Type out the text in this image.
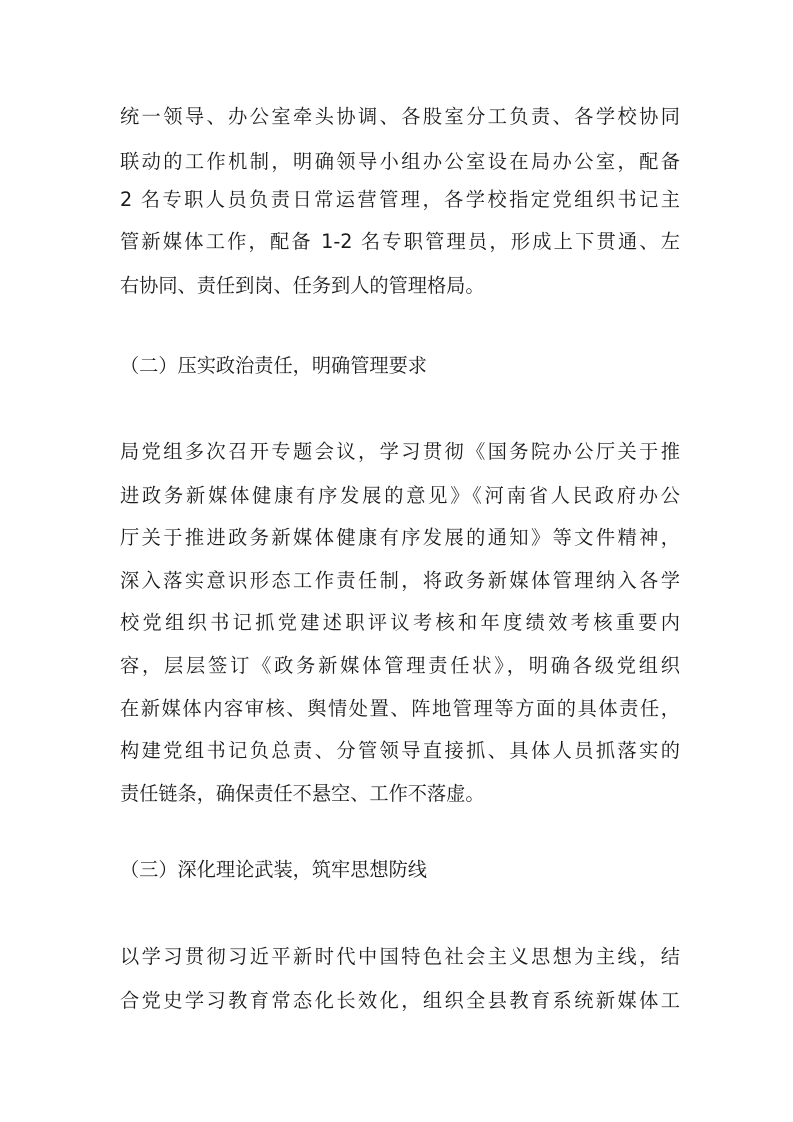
统一领导、办公室牵头协调、各股室分工负责、各学校协同
联动的工作机制，明确领导小组办公室设在局办公室，配备
2 名专职人员负责日常运营管理，各学校指定党组织书记主
管新媒体工作，配备 1-2 名专职管理员，形成上下贯通、左
右协同、责任到岗、任务到人的管理格局。
（二）压实政治责任，明确管理要求
局党组多次召开专题会议，学习贯彻《国务院办公厅关于推
进政务新媒体健康有序发展的意见》《河南省人民政府办公
厅关于推进政务新媒体健康有序发展的通知》等文件精神，
深入落实意识形态工作责任制，将政务新媒体管理纳入各学
校党组织书记抓党建述职评议考核和年度绩效考核重要内
容，层层签订《政务新媒体管理责任状》，明确各级党组织
在新媒体内容审核、舆情处置、阵地管理等方面的具体责任，
构建党组书记负总责、分管领导直接抓、具体人员抓落实的
责任链条，确保责任不悬空、工作不落虚。
（三）深化理论武装，筑牢思想防线
以学习贯彻习近平新时代中国特色社会主义思想为主线，结
合党史学习教育常态化长效化，组织全县教育系统新媒体工
